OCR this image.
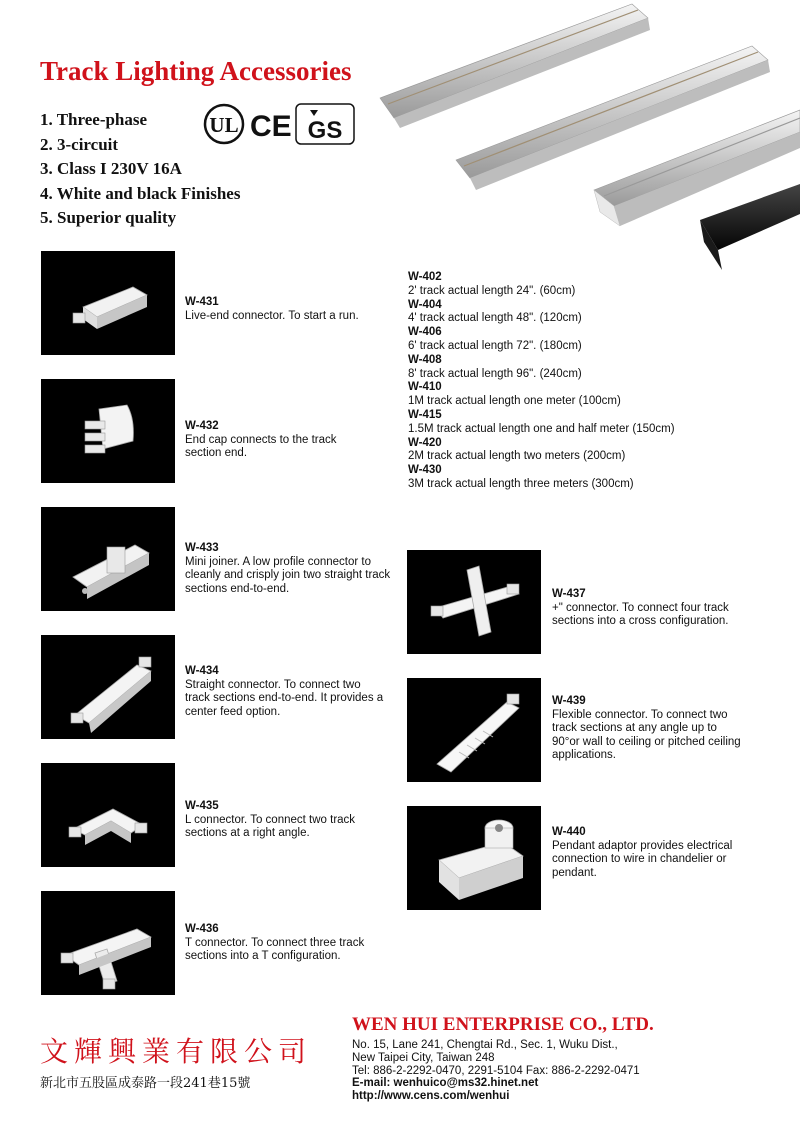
Track Lighting Accessories
1. Three-phase
2. 3-circuit
3. Class I 230V 16A
4. White and black Finishes
5. Superior quality
UL CE GS
W-431
Live-end connector. To start a run.
W-432
End cap connects to the track section end.
W-433
Mini joiner. A low profile connector to cleanly and crisply join two straight track sections end-to-end.
W-434
Straight connector. To connect two track sections end-to-end. It provides a center feed option.
W-435
L connector. To connect two track sections at a right angle.
W-436
T connector. To connect three track sections into a T configuration.
W-437
+" connector. To connect four track sections into a cross configuration.
W-439
Flexible connector. To connect two track sections at any angle up to 90°or wall to ceiling or pitched ceiling applications.
W-440
Pendant adaptor provides electrical connection to wire in chandelier or pendant.
W-402
2' track actual length 24". (60cm)
W-404
4' track actual length 48". (120cm)
W-406
6' track actual length 72". (180cm)
W-408
8' track actual length 96". (240cm)
W-410
1M track actual length one meter (100cm)
W-415
1.5M track actual length one and half meter (150cm)
W-420
2M track actual length two meters (200cm)
W-430
3M track actual length three meters (300cm)
文輝興業有限公司
新北市五股區成泰路一段241巷15號
WEN HUI ENTERPRISE CO., LTD.
No. 15, Lane 241, Chengtai Rd., Sec. 1, Wuku Dist.,
New Taipei City, Taiwan 248
Tel: 886-2-2292-0470, 2291-5104 Fax: 886-2-2292-0471
E-mail: wenhuico@ms32.hinet.net
http://www.cens.com/wenhui
